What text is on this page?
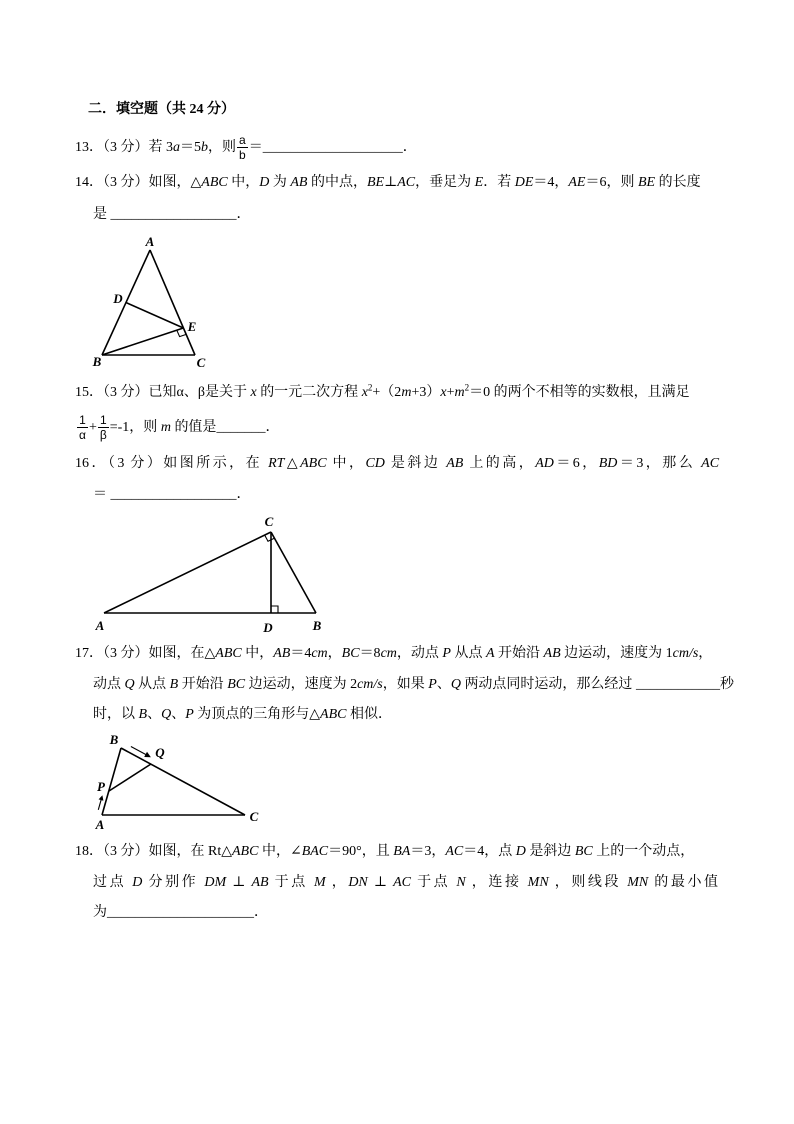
二．填空题（共 24 分）
13．（3 分）若 3a＝5b，则 $\frac{a}{b}$ ＝____________________．
14．（3 分）如图，△ABC 中，D 为 AB 的中点，BE⊥AC，垂足为 E．若 DE＝4，AE＝6，则 BE 的长度
是 __________________．
A
D
E
B	C
15．（3 分）已知α、β是关于 x 的一元二次方程 $x^2+(2m+3)x+m^2=0$ 的两个不相等的实数根，且满足
$\frac{1}{\alpha} + \frac{1}{\beta} =-1$，则 m 的值是_______．
16．（3 分）如图所示，在 RT△ABC 中，CD 是斜边 AB 上的高，AD＝6，BD＝3，那么 AC
＝ __________________．
C
A	D	B
17．（3 分）如图，在△ABC 中，AB＝4cm，BC＝8cm，动点 P 从点 A 开始沿 AB 边运动，速度为 1cm/s，
动点 Q 从点 B 开始沿 BC 边运动，速度为 2cm/s，如果 P、Q 两动点同时运动，那么经过 ____________秒
时，以 B、Q、P 为顶点的三角形与△ABC 相似．
B
Q
P
A
C
18．（3 分）如图，在 Rt△ABC 中，∠BAC＝90°，且 BA＝3，AC＝4，点 D 是斜边 BC 上的一个动点，
过点 D 分别作 DM ⊥ AB 于点 M ，DN ⊥ AC 于点 N ，连接 MN ，则线段 MN 的最小值
为_____________________．
